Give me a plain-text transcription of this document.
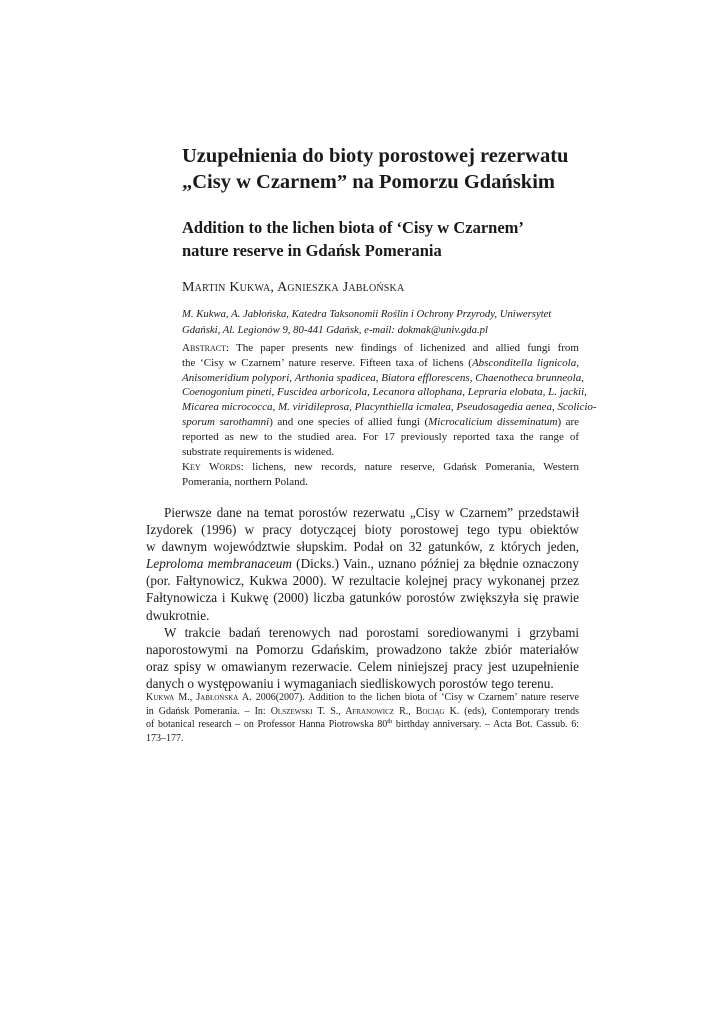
Uzupełnienia do bioty porostowej rezerwatu
„Cisy w Czarnem” na Pomorzu Gdańskim
Addition to the lichen biota of ‘Cisy w Czarnem’
nature reserve in Gdańsk Pomerania
Martin Kukwa, Agnieszka Jabłońska
M. Kukwa, A. Jabłońska, Katedra Taksonomii Roślin i Ochrony Przyrody, Uniwersytet
Gdański, Al. Legionów 9, 80-441 Gdańsk, e-mail: dokmak@univ.gda.pl
Abstract: The paper presents new findings of lichenized and allied fungi from
the ‘Cisy w Czarnem’ nature reserve. Fifteen taxa of lichens (Absconditella lignicola,
Anisomeridium polypori, Arthonia spadicea, Biatora efflorescens, Chaenotheca brunneola,
Coenogonium pineti, Fuscidea arboricola, Lecanora allophana, Lepraria elobata, L. jackii,
Micarea micrococca, M. viridileprosa, Placynthiella icmalea, Pseudosagedia aenea, Scolicio-
sporum sarothamni) and one species of allied fungi (Microcalicium disseminatum) are
reported as new to the studied area. For 17 previously reported taxa the range of
substrate requirements is widened.
Key Words: lichens, new records, nature reserve, Gdańsk Pomerania, Western
Pomerania, northern Poland.
Pierwsze dane na temat porostów rezerwatu „Cisy w Czarnem” przedstawił
Izydorek (1996) w pracy dotyczącej bioty porostowej tego typu obiektów
w dawnym województwie słupskim. Podał on 32 gatunków, z których jeden,
Leproloma membranaceum (Dicks.) Vain., uznano później za błędnie oznaczony
(por. Fałtynowicz, Kukwa 2000). W rezultacie kolejnej pracy wykonanej przez
Fałtynowicza i Kukwę (2000) liczba gatunków porostów zwiększyła się prawie
dwukrotnie.
W trakcie badań terenowych nad porostami sorediowanymi i grzybami
naporostowymi na Pomorzu Gdańskim, prowadzono także zbiór materiałów
oraz spisy w omawianym rezerwacie. Celem niniejszej pracy jest uzupełnienie
danych o występowaniu i wymaganiach siedliskowych porostów tego terenu.
Kukwa M., Jabłońska A. 2006(2007). Addition to the lichen biota of ‘Cisy w Czarnem’ nature reserve
in Gdańsk Pomerania. – In: Olszewski T. S., Afranowicz R., Bociąg K. (eds), Contemporary trends
of botanical research – on Professor Hanna Piotrowska 80th birthday anniversary. – Acta Bot. Cassub. 6:
173–177.
